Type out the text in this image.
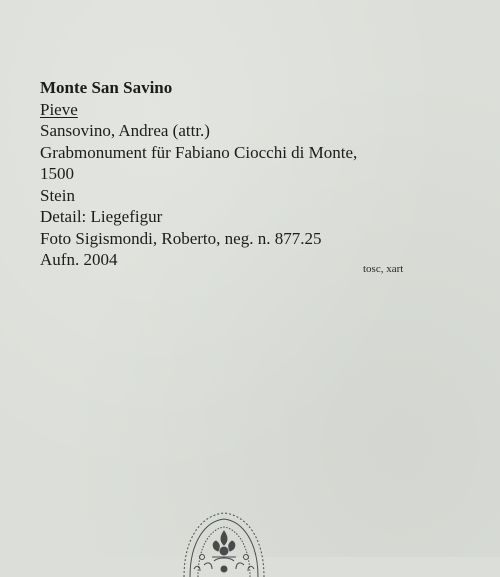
Monte San Savino
Pieve
Sansovino, Andrea (attr.)
Grabmonument für Fabiano Ciocchi di Monte,
1500
Stein
Detail: Liegefigur
Foto Sigismondi, Roberto, neg. n. 877.25
Aufn. 2004	tosc, xart
